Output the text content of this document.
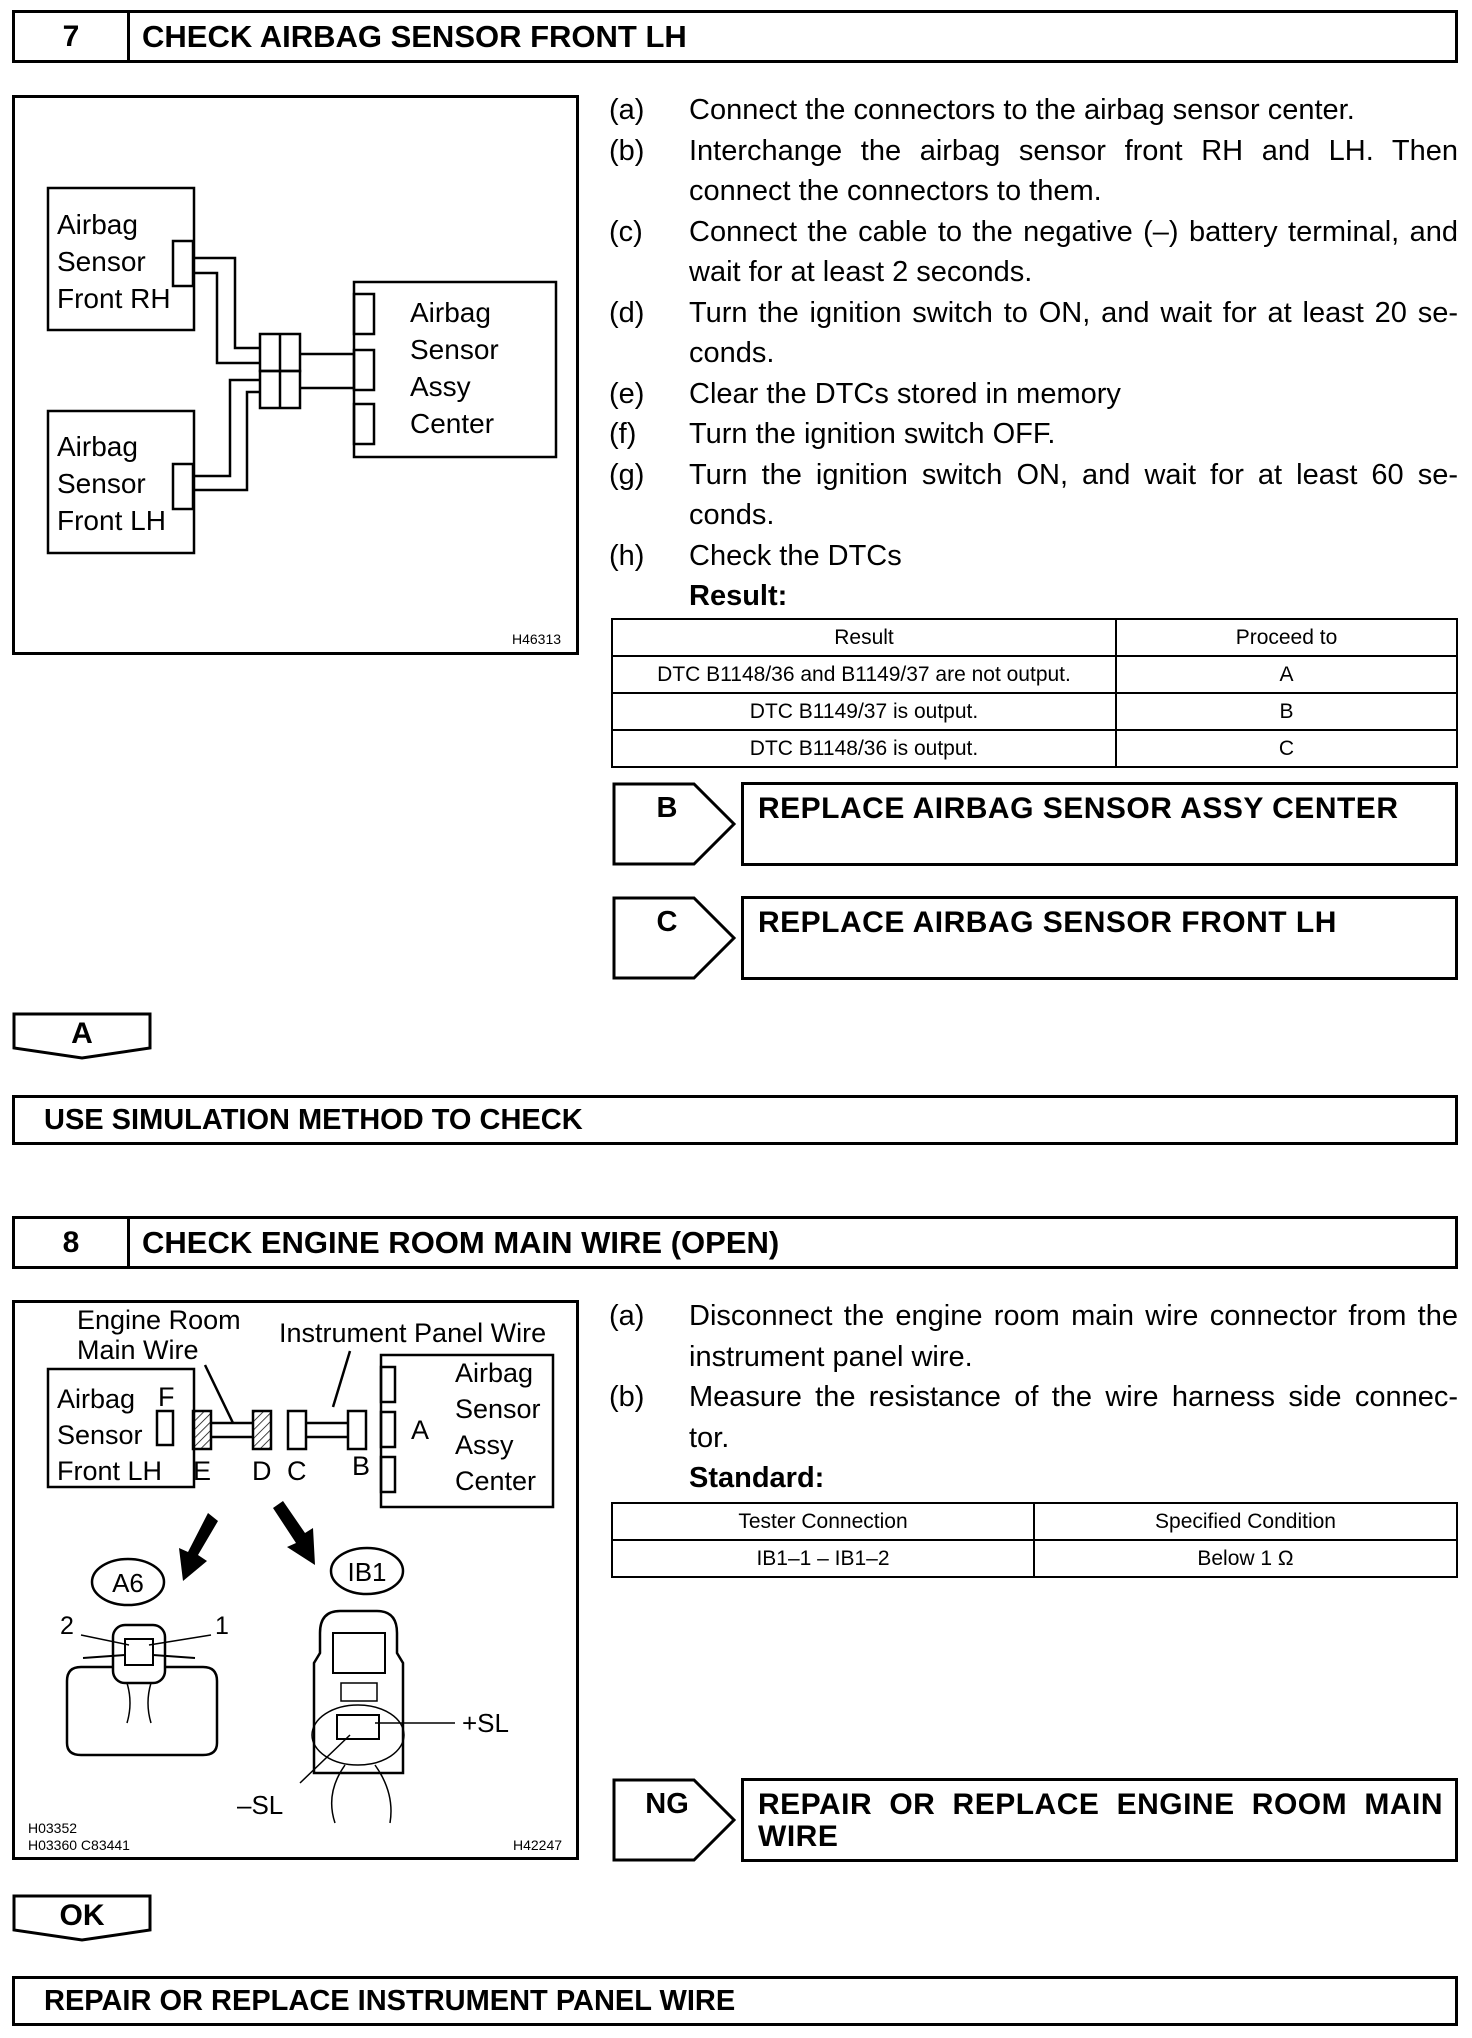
7	CHECK AIRBAG SENSOR FRONT LH
Airbag
Sensor
Front RH
Airbag
Sensor
Front LH
Airbag
Sensor
Assy
Center
H46313
(a)	Connect the connectors to the airbag sensor center.
(b)	Interchange the airbag sensor front RH and LH. Then connect the connectors to them.
(c)	Connect the cable to the negative (–) battery terminal, and wait for at least 2 seconds.
(d)	Turn the ignition switch to ON, and wait for at least 20 se- conds.
(e)	Clear the DTCs stored in memory
(f)	Turn the ignition switch OFF.
(g)	Turn the ignition switch ON, and wait for at least 60 se- conds.
(h)	Check the DTCs
Result:
Result	Proceed to
DTC B1148/36 and B1149/37 are not output.	A
DTC B1149/37 is output.	B
DTC B1148/36 is output.	C
B	REPLACE AIRBAG SENSOR ASSY CENTER
C	REPLACE AIRBAG SENSOR FRONT LH
A
USE SIMULATION METHOD TO CHECK
8	CHECK ENGINE ROOM MAIN WIRE (OPEN)
Engine Room
Main Wire
Instrument Panel Wire
Airbag
Sensor
Front LH
F
E D C B
A
Airbag
Sensor
Assy
Center
A6
2	1
IB1
+SL
–SL
H03352
H03360 C83441	H42247
(a)	Disconnect the engine room main wire connector from the instrument panel wire.
(b)	Measure the resistance of the wire harness side connec- tor.
Standard:
Tester Connection	Specified Condition
IB1–1 – IB1–2	Below 1 Ω
NG	REPAIR OR REPLACE ENGINE ROOM MAIN WIRE
OK
REPAIR OR REPLACE INSTRUMENT PANEL WIRE
